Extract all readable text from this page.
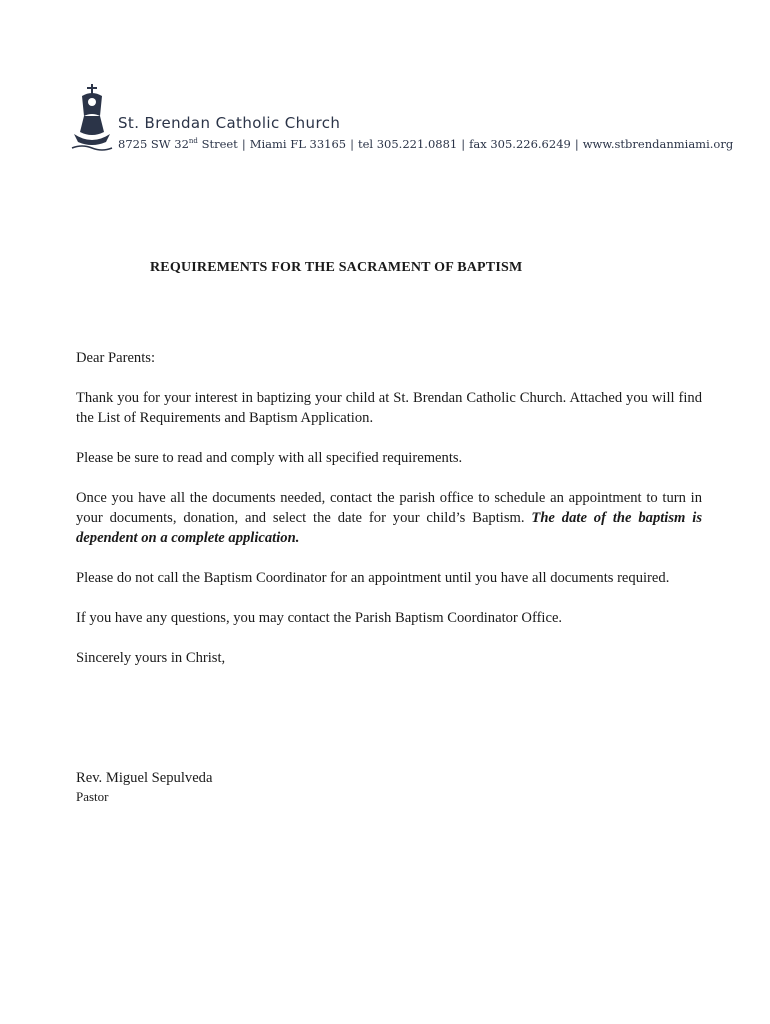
St. Brendan Catholic Church
8725 SW 32nd Street | Miami FL 33165 | tel 305.221.0881 | fax 305.226.6249 | www.stbrendanmiami.org
REQUIREMENTS FOR THE SACRAMENT OF BAPTISM

Dear Parents:

Thank you for your interest in baptizing your child at St. Brendan Catholic Church. Attached you will find the List of Requirements and Baptism Application.

Please be sure to read and comply with all specified requirements.

Once you have all the documents needed, contact the parish office to schedule an appointment to turn in your documents, donation, and select the date for your child’s Baptism. The date of the baptism is dependent on a complete application.

Please do not call the Baptism Coordinator for an appointment until you have all documents required.

If you have any questions, you may contact the Parish Baptism Coordinator Office.

Sincerely yours in Christ,

Rev. Miguel Sepulveda
Pastor
